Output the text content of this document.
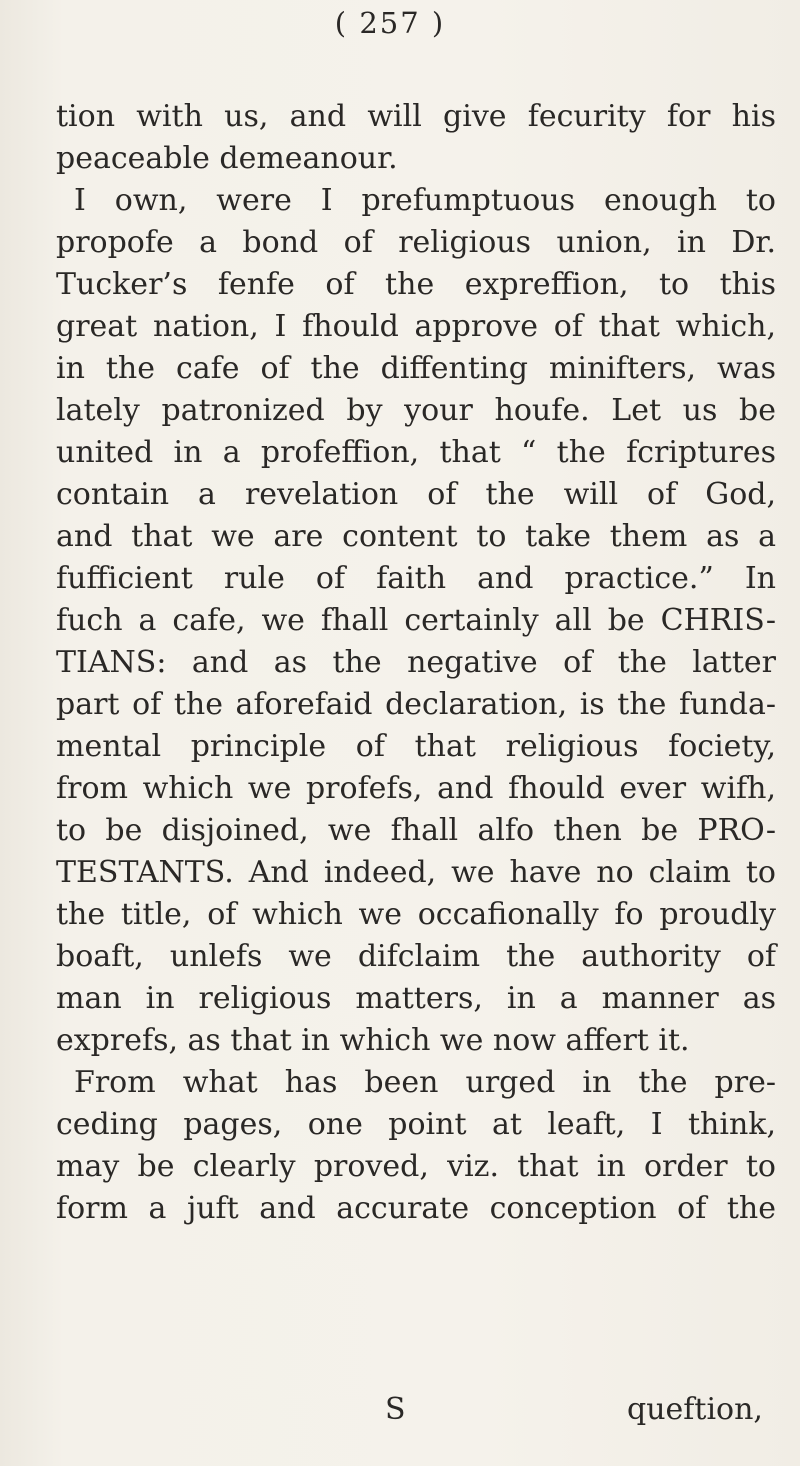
( 257 )
tion with us, and will give fecurity for his
peaceable demeanour.
I own, were I prefumptuous enough to
propofe a bond of religious union, in Dr.
Tucker’s fenfe of the expreffion, to this
great nation, I fhould approve of that which,
in the cafe of the diffenting minifters, was
lately patronized by your houfe. Let us be
united in a profeffion, that “ the fcriptures
contain a revelation of the will of God,
and that we are content to take them as a
fufficient rule of faith and practice.” In
fuch a cafe, we fhall certainly all be CHRIS-
TIANS: and as the negative of the latter
part of the aforefaid declaration, is the funda-
mental principle of that religious fociety,
from which we profefs, and fhould ever wifh,
to be disjoined, we fhall alfo then be PRO-
TESTANTS. And indeed, we have no claim to
the title, of which we occafionally fo proudly
boaft, unlefs we difclaim the authority of
man in religious matters, in a manner as
exprefs, as that in which we now affert it.
From what has been urged in the pre-
ceding pages, one point at leaft, I think,
may be clearly proved, viz. that in order to
form a juft and accurate conception of the
S	queftion,
